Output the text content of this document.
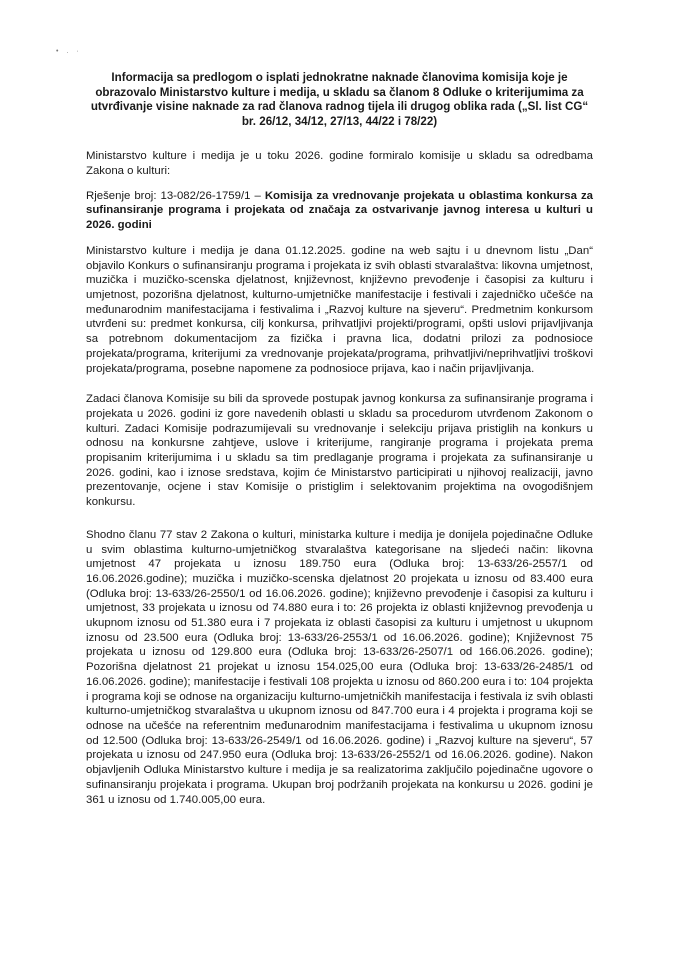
• . ·
Informacija sa predlogom o isplati jednokratne naknade članovima komisija koje je obrazovalo Ministarstvo kulture i medija, u skladu sa članom 8 Odluke o kriterijumima za utvrđivanje visine naknade za rad članova radnog tijela ili drugog oblika rada („Sl. list CG“ br. 26/12, 34/12, 27/13, 44/22 i 78/22)

Ministarstvo kulture i medija je u toku 2026. godine formiralo komisije u skladu sa odredbama Zakona o kulturi:

Rješenje broj: 13-082/26-1759/1 – Komisija za vrednovanje projekata u oblastima konkursa za sufinansiranje programa i projekata od značaja za ostvarivanje javnog interesa u kulturi u 2026. godini

Ministarstvo kulture i medija je dana 01.12.2025. godine na web sajtu i u dnevnom listu „Dan“ objavilo Konkurs o sufinansiranju programa i projekata iz svih oblasti stvaralaštva: likovna umjetnost, muzička i muzičko-scenska djelatnost, književnost, književno prevođenje i časopisi za kulturu i umjetnost, pozorišna djelatnost, kulturno-umjetničke manifestacije i festivali i zajedničko učešće na međunarodnim manifestacijama i festivalima i „Razvoj kulture na sjeveru“. Predmetnim konkursom utvrđeni su: predmet konkursa, cilj konkursa, prihvatljivi projekti/programi, opšti uslovi prijavljivanja sa potrebnom dokumentacijom za fizička i pravna lica, dodatni prilozi za podnosioce projekata/programa, kriterijumi za vrednovanje projekata/programa, prihvatljivi/neprihvatljivi troškovi projekata/programa, posebne napomene za podnosioce prijava, kao i način prijavljivanja.

Zadaci članova Komisije su bili da sprovede postupak javnog konkursa za sufinansiranje programa i projekata u 2026. godini iz gore navedenih oblasti u skladu sa procedurom utvrđenom Zakonom o kulturi. Zadaci Komisije podrazumijevali su vrednovanje i selekciju prijava pristiglih na konkurs u odnosu na konkursne zahtjeve, uslove i kriterijume, rangiranje programa i projekata prema propisanim kriterijumima i u skladu sa tim predlaganje programa i projekata za sufinansiranje u 2026. godini, kao i iznose sredstava, kojim će Ministarstvo participirati u njihovoj realizaciji, javno prezentovanje, ocjene i stav Komisije o pristiglim i selektovanim projektima na ovogodišnjem konkursu.

Shodno članu 77 stav 2 Zakona o kulturi, ministarka kulture i medija je donijela pojedinačne Odluke u svim oblastima kulturno-umjetničkog stvaralaštva kategorisane na sljedeći način: likovna umjetnost 47 projekata u iznosu 189.750 eura (Odluka broj: 13-633/26-2557/1 od 16.06.2026.godine); muzička i muzičko-scenska djelatnost 20 projekata u iznosu od 83.400 eura (Odluka broj: 13-633/26-2550/1 od 16.06.2026. godine); književno prevođenje i časopisi za kulturu i umjetnost, 33 projekata u iznosu od 74.880 eura i to: 26 projekta iz oblasti književnog prevođenja u ukupnom iznosu od 51.380 eura i 7 projekata iz oblasti časopisi za kulturu i umjetnost u ukupnom iznosu od 23.500 eura (Odluka broj: 13-633/26-2553/1 od 16.06.2026. godine); Književnost 75 projekata u iznosu od 129.800 eura (Odluka broj: 13-633/26-2507/1 od 166.06.2026. godine); Pozorišna djelatnost 21 projekat u iznosu 154.025,00 eura (Odluka broj: 13-633/26-2485/1 od 16.06.2026. godine); manifestacije i festivali 108 projekta u iznosu od 860.200 eura i to: 104 projekta i programa koji se odnose na organizaciju kulturno-umjetničkih manifestacija i festivala iz svih oblasti kulturno-umjetničkog stvaralaštva u ukupnom iznosu od 847.700 eura i 4 projekta i programa koji se odnose na učešće na referentnim međunarodnim manifestacijama i festivalima u ukupnom iznosu od 12.500 (Odluka broj: 13-633/26-2549/1 od 16.06.2026. godine) i „Razvoj kulture na sjeveru“, 57 projekata u iznosu od 247.950 eura (Odluka broj: 13-633/26-2552/1 od 16.06.2026. godine). Nakon objavljenih Odluka Ministarstvo kulture i medija je sa realizatorima zaključilo pojedinačne ugovore o sufinansiranju projekata i programa. Ukupan broj podržanih projekata na konkursu u 2026. godini je 361 u iznosu od 1.740.005,00 eura.
